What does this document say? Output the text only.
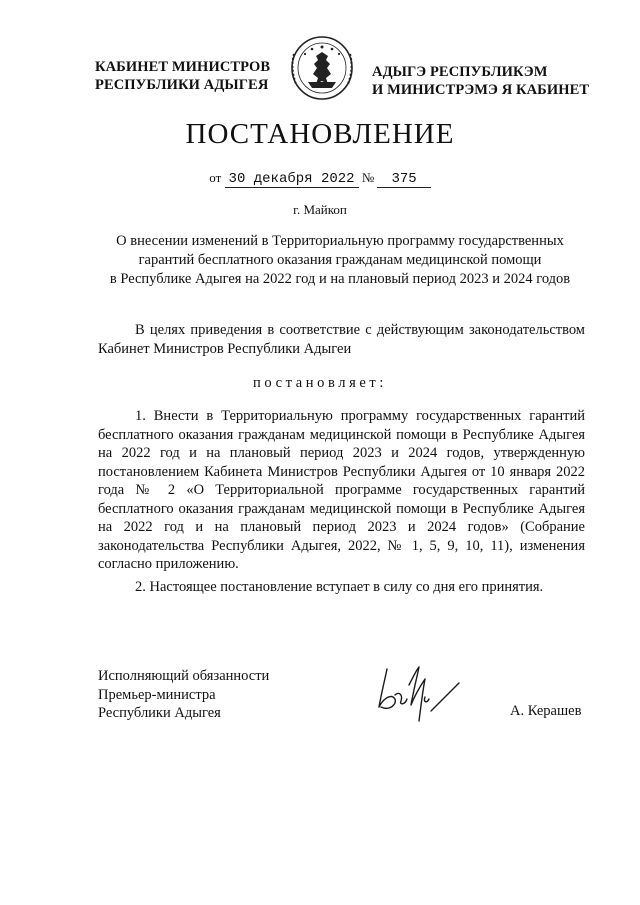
КАБИНЕТ МИНИСТРОВ
РЕСПУБЛИКИ АДЫГЕЯ
АДЫГЭ РЕСПУБЛИКЭМ
И МИНИСТРЭМЭ Я КАБИНЕТ
ПОСТАНОВЛЕНИЕ
от 30 декабря 2022 № 375
г. Майкоп
О внесении изменений в Территориальную программу государственных
гарантий бесплатного оказания гражданам медицинской помощи
в Республике Адыгея на 2022 год и на плановый период 2023 и 2024 годов
В целях приведения в соответствие с действующим законодательством Кабинет Министров Республики Адыгеи
постановляет:
1. Внести в Территориальную программу государственных гарантий бесплатного оказания гражданам медицинской помощи в Республике Адыгея на 2022 год и на плановый период 2023 и 2024 годов, утвержденную постановлением Кабинета Министров Республики Адыгея от 10 января 2022 года № 2 «О Территориальной программе государственных гарантий бесплатного оказания гражданам медицинской помощи в Республике Адыгея на 2022 год и на плановый период 2023 и 2024 годов» (Собрание законодательства Республики Адыгея, 2022, № 1, 5, 9, 10, 11), изменения согласно приложению.
2. Настоящее постановление вступает в силу со дня его принятия.
Исполняющий обязанности
Премьер-министра
Республики Адыгея	А. Керашев
